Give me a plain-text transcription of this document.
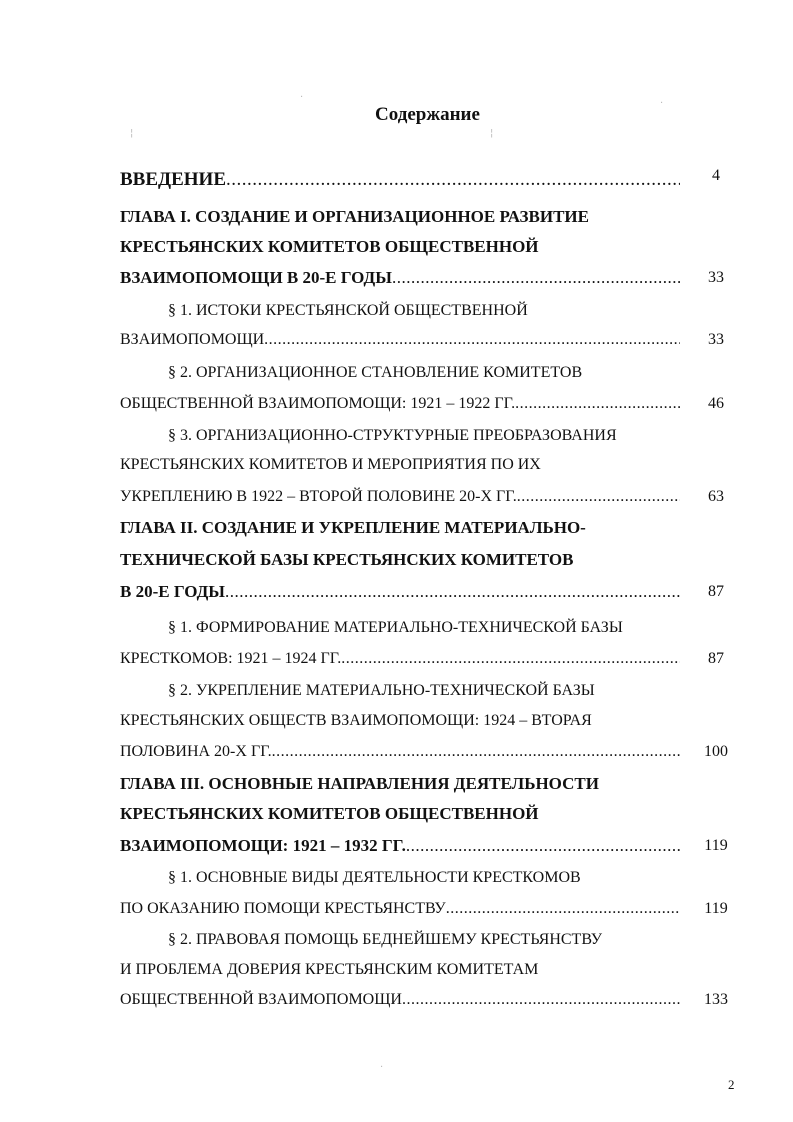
Содержание
ВВЕДЕНИЕ .....	4
ГЛАВА I. СОЗДАНИЕ И ОРГАНИЗАЦИОННОЕ РАЗВИТИЕ
КРЕСТЬЯНСКИХ КОМИТЕТОВ ОБЩЕСТВЕННОЙ
ВЗАИМОПОМОЩИ В 20-Е ГОДЫ .....	33
§ 1. ИСТОКИ КРЕСТЬЯНСКОЙ ОБЩЕСТВЕННОЙ
ВЗАИМОПОМОЩИ .....	33
§ 2. ОРГАНИЗАЦИОННОЕ СТАНОВЛЕНИЕ КОМИТЕТОВ
ОБЩЕСТВЕННОЙ ВЗАИМОПОМОЩИ: 1921 – 1922 ГГ. .....	46
§ 3. ОРГАНИЗАЦИОННО-СТРУКТУРНЫЕ ПРЕОБРАЗОВАНИЯ
КРЕСТЬЯНСКИХ КОМИТЕТОВ И МЕРОПРИЯТИЯ ПО ИХ
УКРЕПЛЕНИЮ В 1922 – ВТОРОЙ ПОЛОВИНЕ 20-Х ГГ. .....	63
ГЛАВА II. СОЗДАНИЕ И УКРЕПЛЕНИЕ МАТЕРИАЛЬНО-
ТЕХНИЧЕСКОЙ БАЗЫ КРЕСТЬЯНСКИХ КОМИТЕТОВ
В 20-Е ГОДЫ .....	87
§ 1. ФОРМИРОВАНИЕ МАТЕРИАЛЬНО-ТЕХНИЧЕСКОЙ БАЗЫ
КРЕСТКОМОВ: 1921 – 1924 ГГ. .....	87
§ 2. УКРЕПЛЕНИЕ МАТЕРИАЛЬНО-ТЕХНИЧЕСКОЙ БАЗЫ
КРЕСТЬЯНСКИХ ОБЩЕСТВ ВЗАИМОПОМОЩИ: 1924 – ВТОРАЯ
ПОЛОВИНА 20-Х ГГ. .....	100
ГЛАВА III. ОСНОВНЫЕ НАПРАВЛЕНИЯ ДЕЯТЕЛЬНОСТИ
КРЕСТЬЯНСКИХ КОМИТЕТОВ ОБЩЕСТВЕННОЙ
ВЗАИМОПОМОЩИ: 1921 – 1932 ГГ. .....	119
§ 1. ОСНОВНЫЕ ВИДЫ ДЕЯТЕЛЬНОСТИ КРЕСТКОМОВ
ПО ОКАЗАНИЮ ПОМОЩИ КРЕСТЬЯНСТВУ .....	119
§ 2. ПРАВОВАЯ ПОМОЩЬ БЕДНЕЙШЕМУ КРЕСТЬЯНСТВУ
И ПРОБЛЕМА ДОВЕРИЯ КРЕСТЬЯНСКИМ КОМИТЕТАМ
ОБЩЕСТВЕННОЙ ВЗАИМОПОМОЩИ .....	133
2
¦	¦
·
·
·
